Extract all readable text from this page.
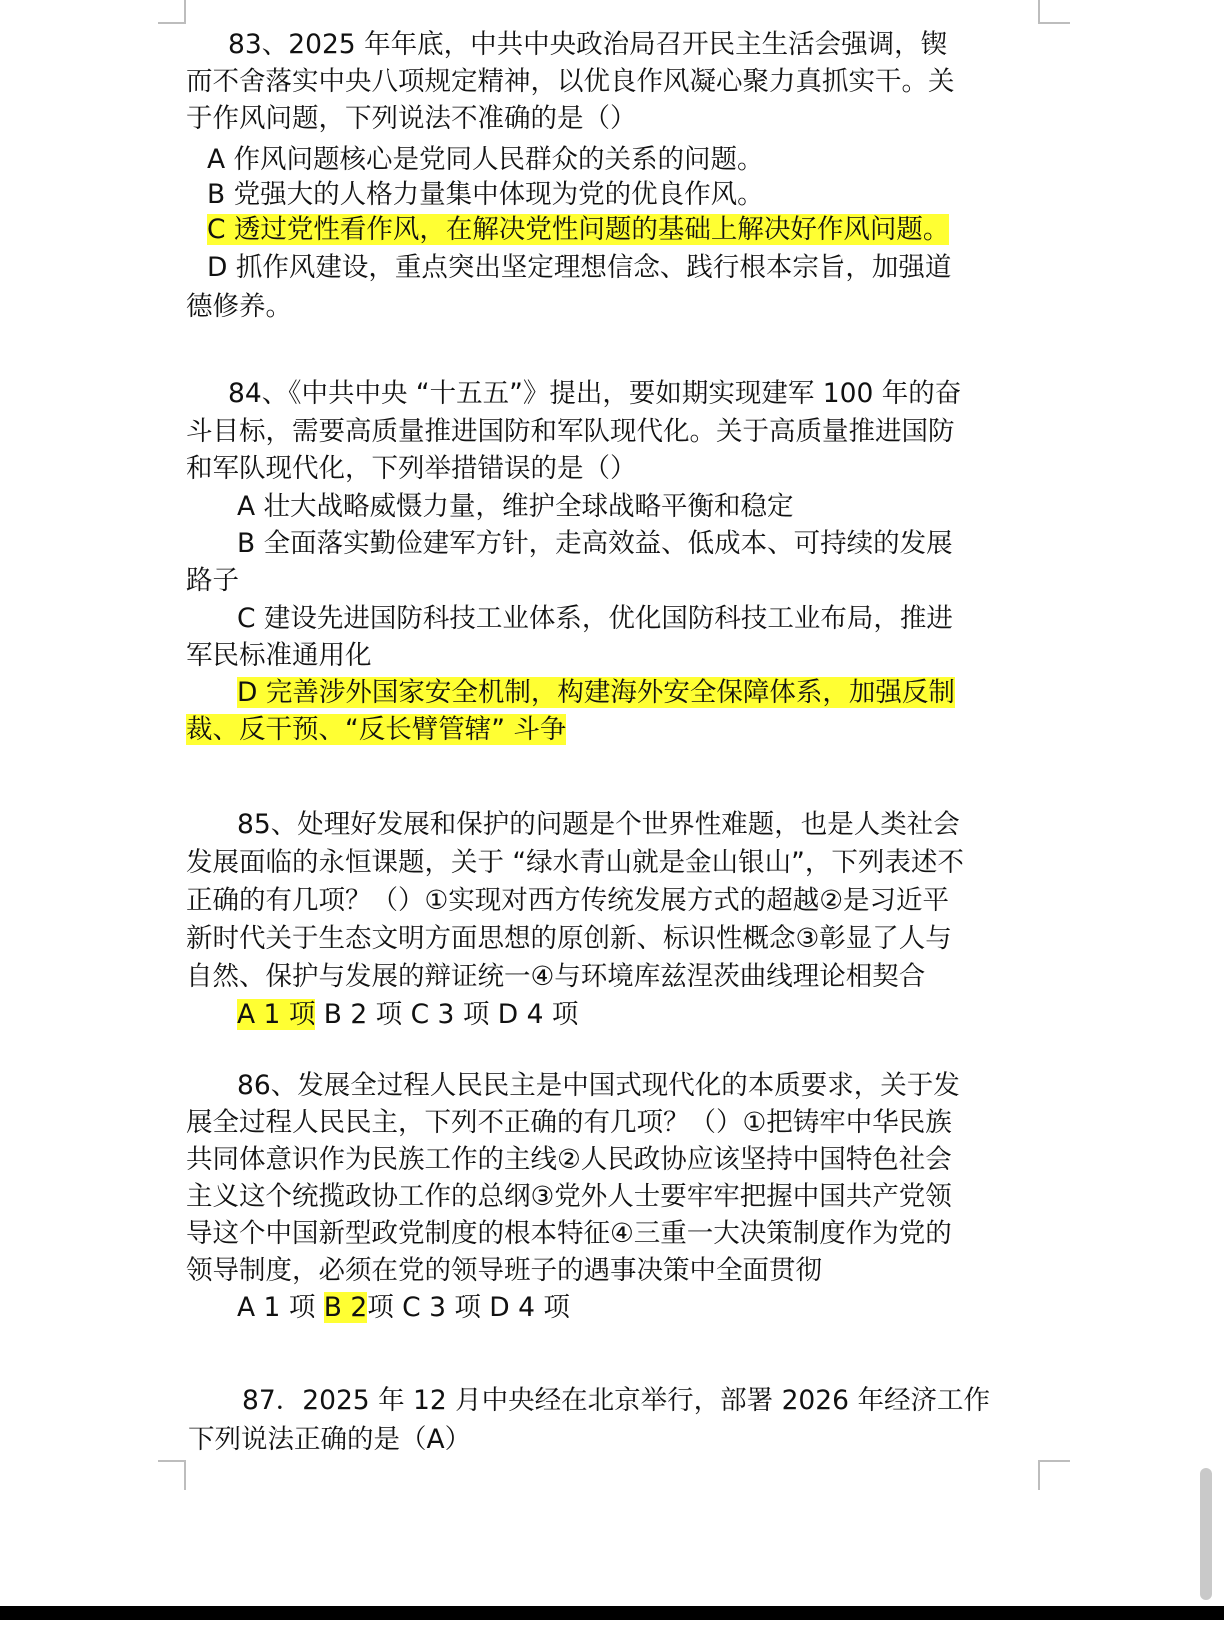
83、2025 年年底，中共中央政治局召开民主生活会强调，锲
而不舍落实中央八项规定精神，以优良作风凝心聚力真抓实干。关
于作风问题，下列说法不准确的是（）
A 作风问题核心是党同人民群众的关系的问题。
B 党强大的人格力量集中体现为党的优良作风。
C 透过党性看作风，在解决党性问题的基础上解决好作风问题。
D 抓作风建设，重点突出坚定理想信念、践行根本宗旨，加强道
德修养。
84、《中共中央 “十五五”》提出，要如期实现建军 100 年的奋
斗目标，需要高质量推进国防和军队现代化。关于高质量推进国防
和军队现代化，下列举措错误的是（）
A 壮大战略威慑力量，维护全球战略平衡和稳定
B 全面落实勤俭建军方针，走高效益、低成本、可持续的发展
路子
C 建设先进国防科技工业体系，优化国防科技工业布局，推进
军民标准通用化
D 完善涉外国家安全机制，构建海外安全保障体系，加强反制
裁、反干预、“反长臂管辖” 斗争
85、处理好发展和保护的问题是个世界性难题，也是人类社会
发展面临的永恒课题，关于 “绿水青山就是金山银山”，下列表述不
正确的有几项？（）①实现对西方传统发展方式的超越②是习近平
新时代关于生态文明方面思想的原创新、标识性概念③彰显了人与
自然、保护与发展的辩证统一④与环境库兹涅茨曲线理论相契合
A 1 项 B 2 项 C 3 项 D 4 项
86、发展全过程人民民主是中国式现代化的本质要求，关于发
展全过程人民民主，下列不正确的有几项？（）①把铸牢中华民族
共同体意识作为民族工作的主线②人民政协应该坚持中国特色社会
主义这个统揽政协工作的总纲③党外人士要牢牢把握中国共产党领
导这个中国新型政党制度的根本特征④三重一大决策制度作为党的
领导制度，必须在党的领导班子的遇事决策中全面贯彻
A 1 项 B 2项 C 3 项 D 4 项
87．2025 年 12 月中央经在北京举行，部署 2026 年经济工作
下列说法正确的是（A）
